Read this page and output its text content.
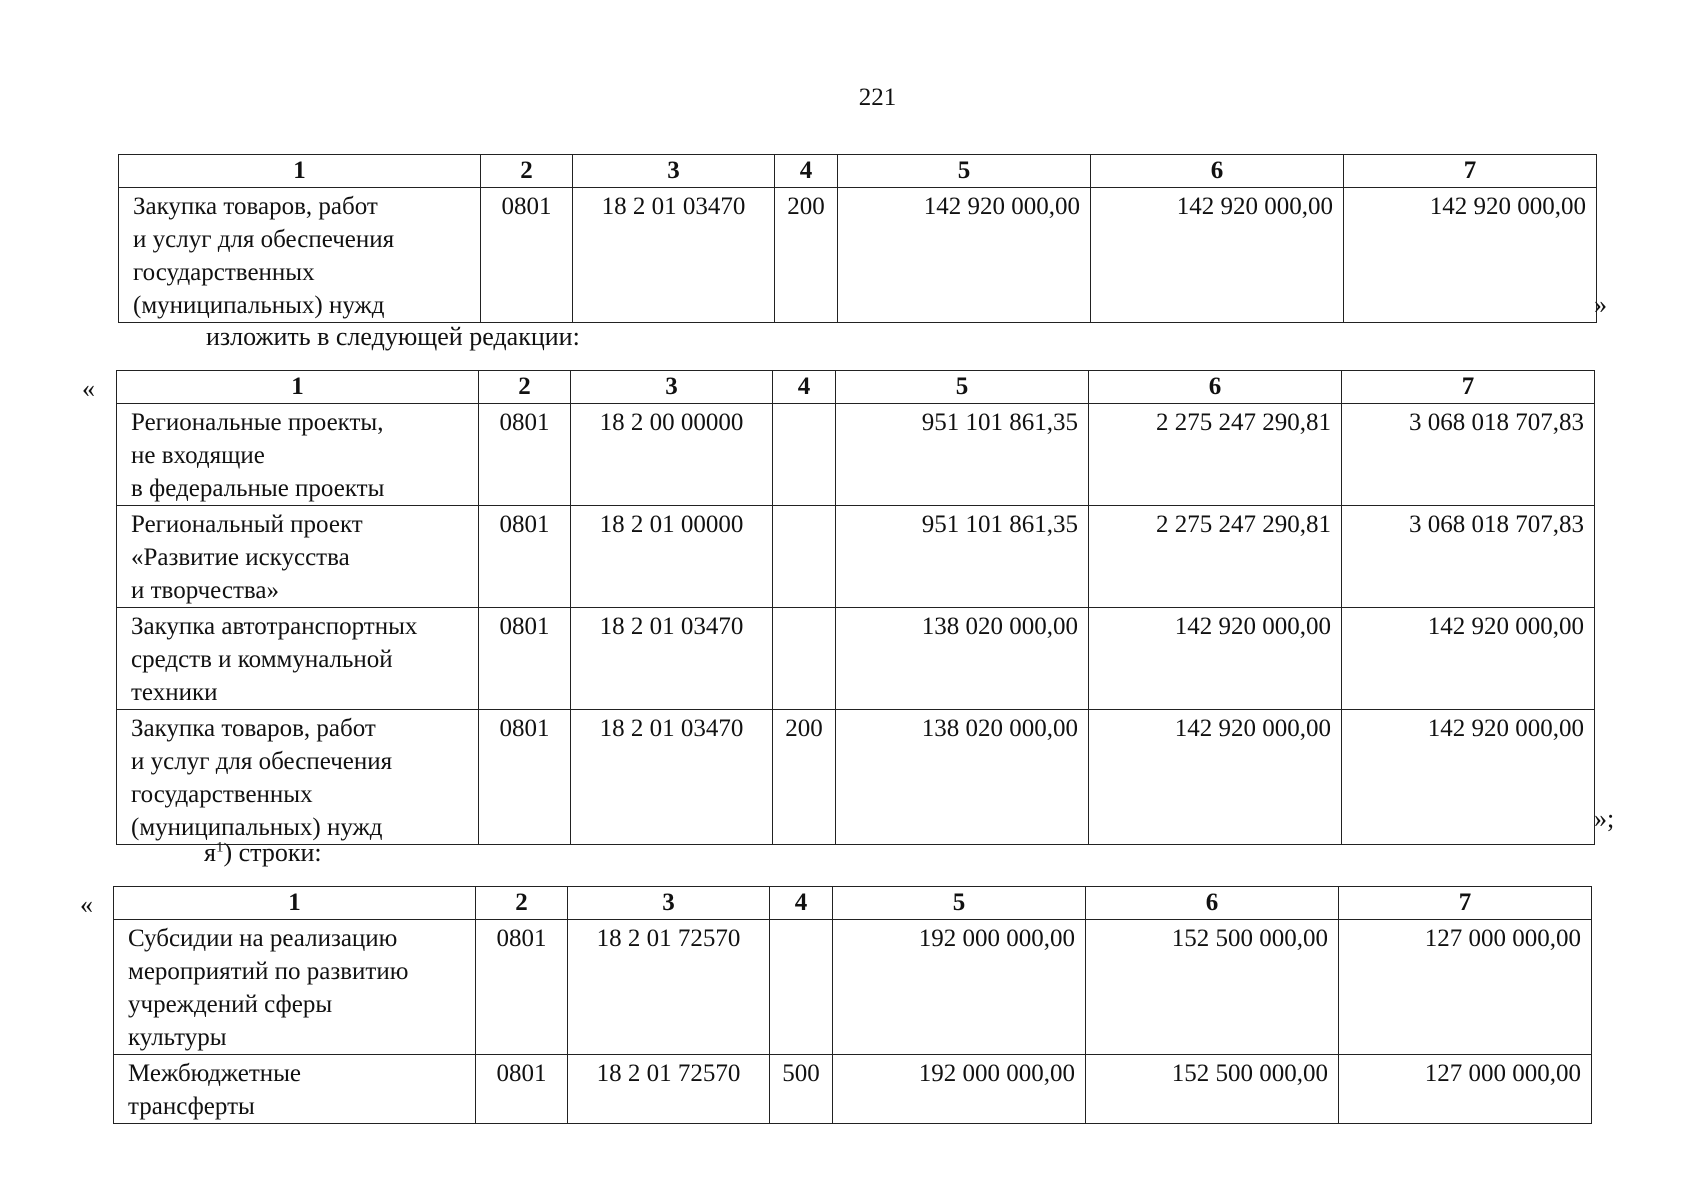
221
1	2	3	4	5	6	7

Закупка товаров, работ
и услуг для обеспечения
государственных
(муниципальных) нужд	0801	18 2 01 03470	200	142 920 000,00	142 920 000,00	142 920 000,00
»
изложить в следующей редакции:
«	1	2	3	4	5	6	7

Региональные проекты,
не входящие
в федеральные проекты	0801	18 2 00 00000		951 101 861,35	2 275 247 290,81	3 068 018 707,83

Региональный проект
«Развитие искусства
и творчества»	0801	18 2 01 00000		951 101 861,35	2 275 247 290,81	3 068 018 707,83

Закупка автотранспортных
средств и коммунальной
техники	0801	18 2 01 03470		138 020 000,00	142 920 000,00	142 920 000,00

Закупка товаров, работ
и услуг для обеспечения
государственных
(муниципальных) нужд	0801	18 2 01 03470	200	138 020 000,00	142 920 000,00	142 920 000,00
»;
$я^1$) строки:
«	1	2	3	4	5	6	7

Субсидии на реализацию
мероприятий по развитию
учреждений сферы
культуры	0801	18 2 01 72570		192 000 000,00	152 500 000,00	127 000 000,00

Межбюджетные
трансферты	0801	18 2 01 72570	500	192 000 000,00	152 500 000,00	127 000 000,00
